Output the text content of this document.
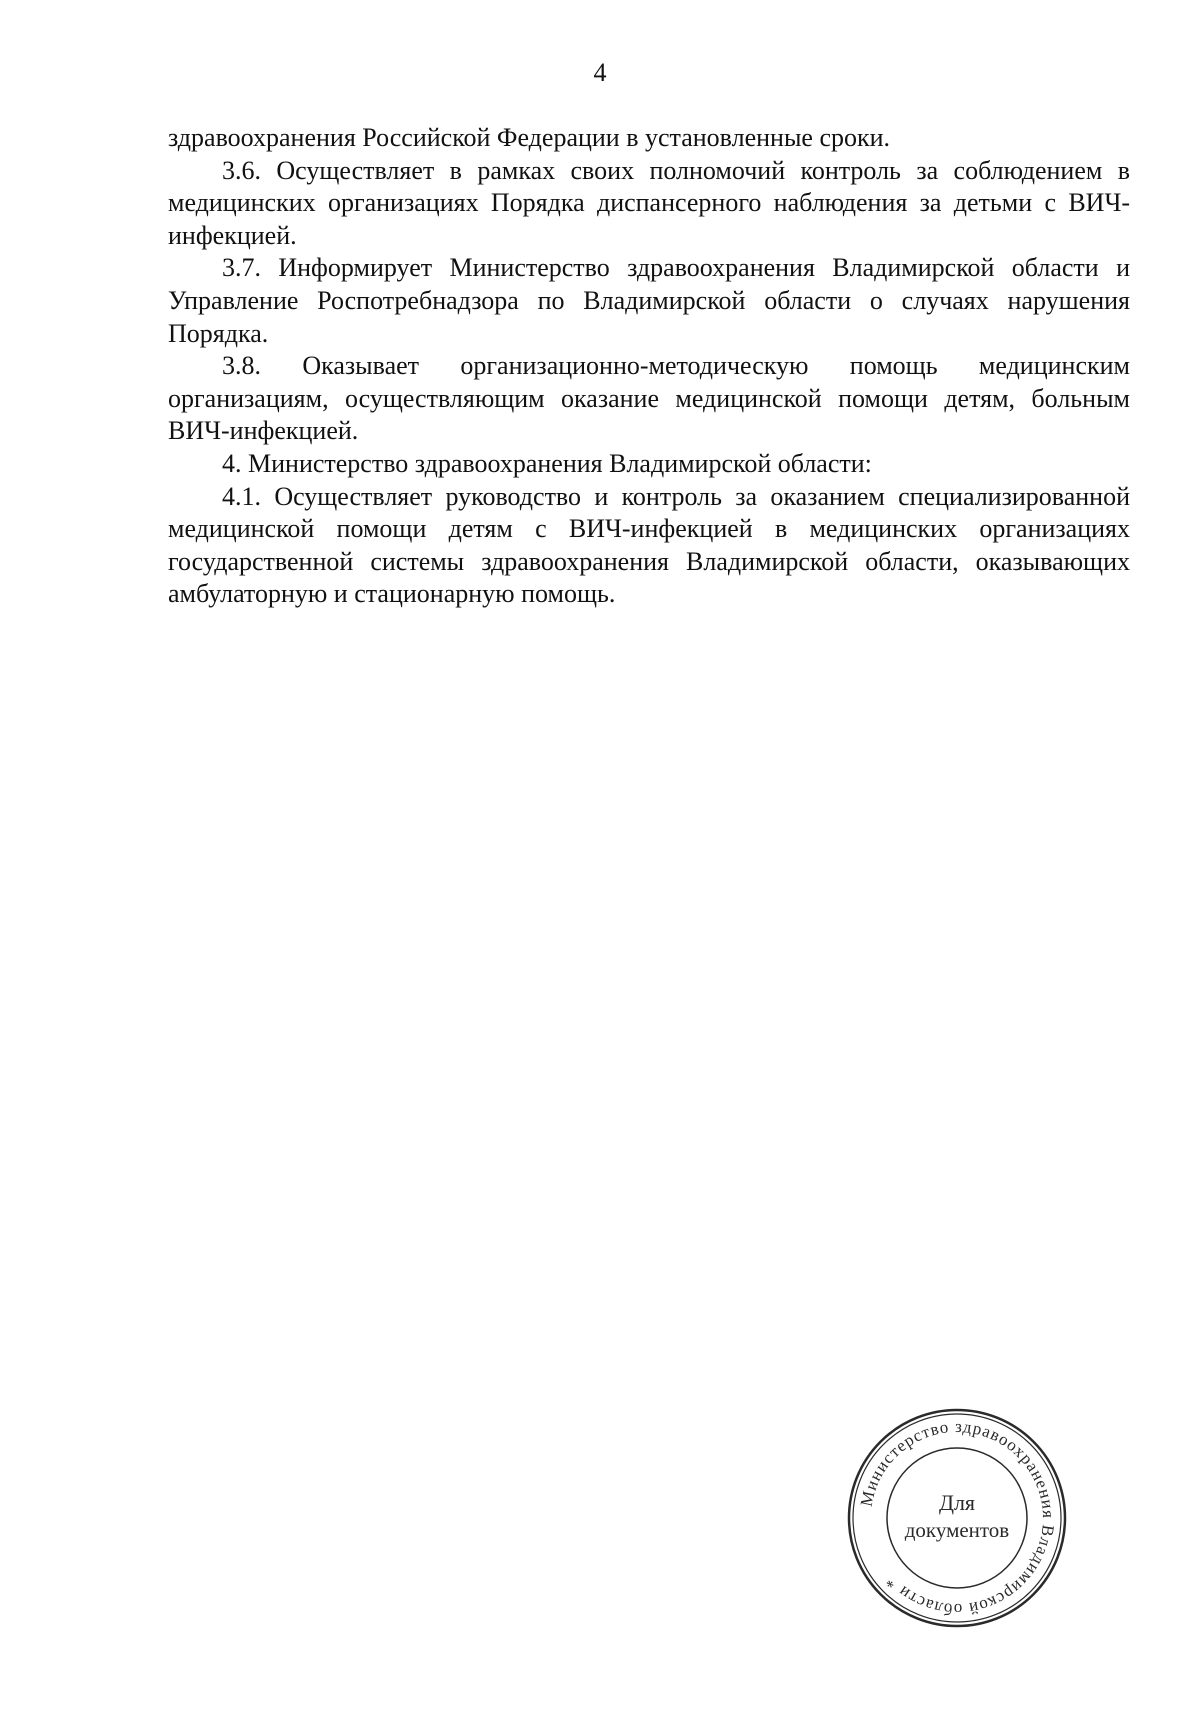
4

здравоохранения Российской Федерации в установленные сроки.

3.6. Осуществляет в рамках своих полномочий контроль за соблюдением в медицинских организациях Порядка диспансерного наблюдения за детьми с ВИЧ-инфекцией.

3.7. Информирует Министерство здравоохранения Владимирской области и Управление Роспотребнадзора по Владимирской области о случаях нарушения Порядка.

3.8. Оказывает организационно-методическую помощь медицинским организациям, осуществляющим оказание медицинской помощи детям, больным ВИЧ-инфекцией.

4. Министерство здравоохранения Владимирской области:

4.1. Осуществляет руководство и контроль за оказанием специализированной медицинской помощи детям с ВИЧ-инфекцией в медицинских организациях государственной системы здравоохранения Владимирской области, оказывающих амбулаторную и стационарную помощь.

Министерство здравоохранения Владимирской области *
Для
документов
